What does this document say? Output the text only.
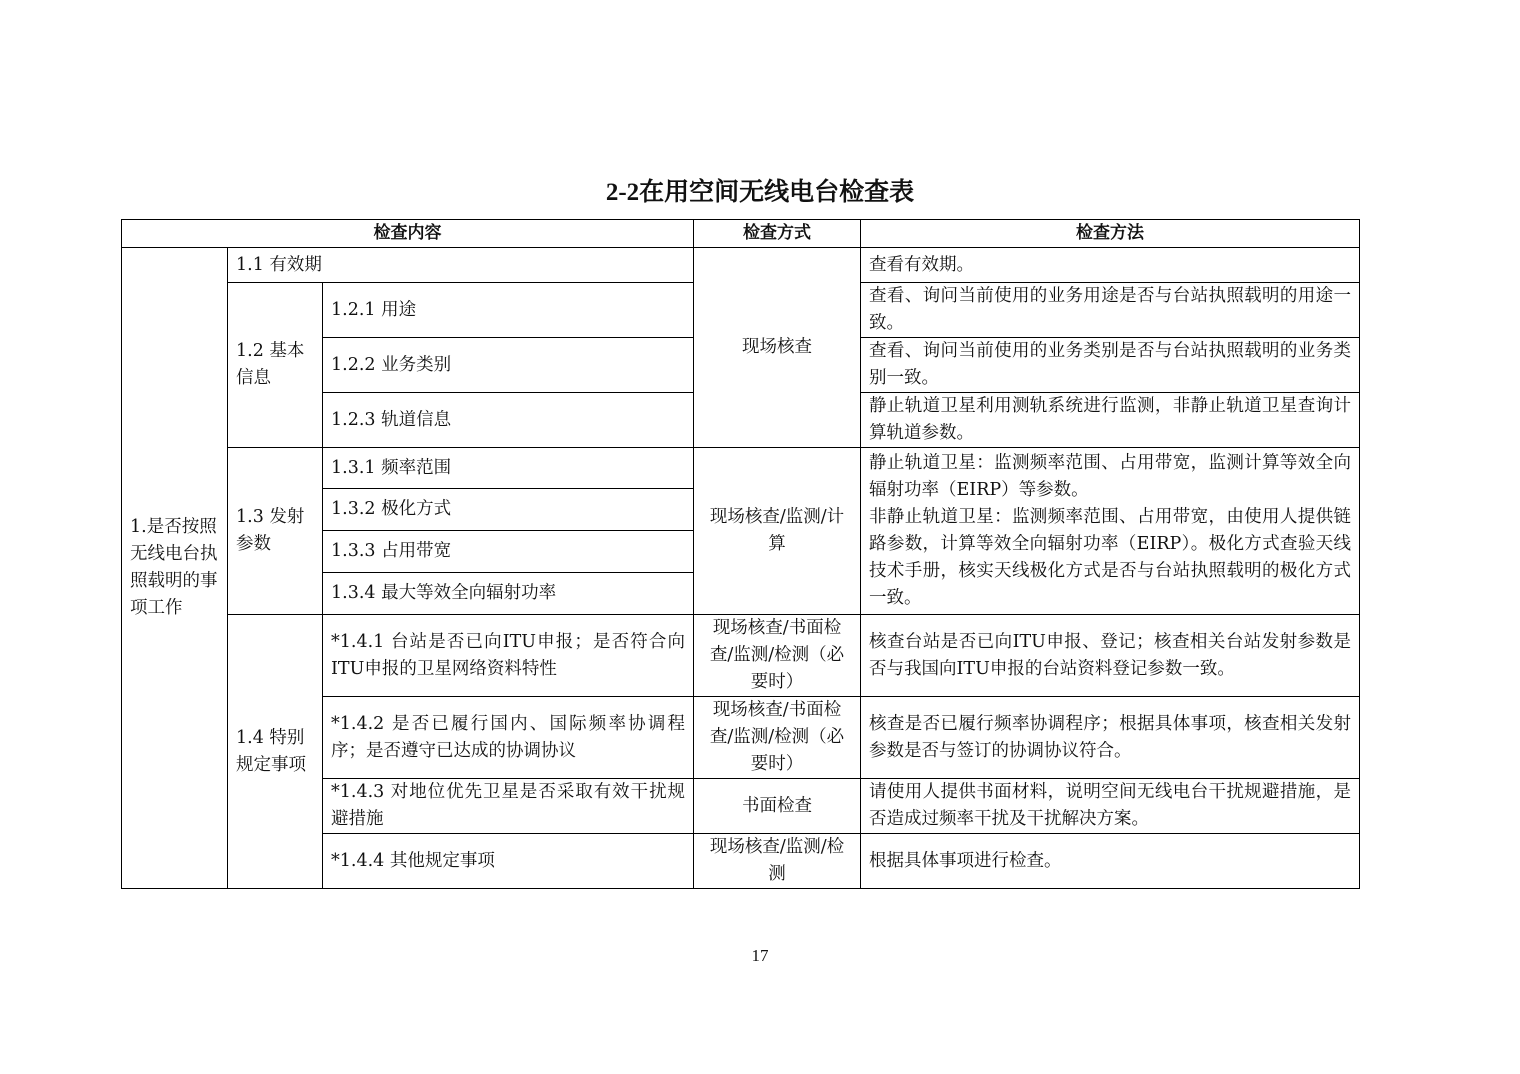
2-2在用空间无线电台检查表
检查内容			检查方式	检查方法
1.是否按照无线电台执照载明的事项工作	1.1 有效期		现场核查	查看有效期。
	1.2 基本信息	1.2.1 用途		查看、询问当前使用的业务用途是否与台站执照载明的用途一致。
		1.2.2 业务类别		查看、询问当前使用的业务类别是否与台站执照载明的业务类别一致。
		1.2.3 轨道信息		静止轨道卫星利用测轨系统进行监测，非静止轨道卫星查询计算轨道参数。
	1.3 发射参数	1.3.1 频率范围	现场核查/监测/计算	静止轨道卫星：监测频率范围、占用带宽，监测计算等效全向辐射功率（EIRP）等参数。
非静止轨道卫星：监测频率范围、占用带宽，由使用人提供链路参数，计算等效全向辐射功率（EIRP）。极化方式查验天线技术手册，核实天线极化方式是否与台站执照载明的极化方式一致。

		1.3.2 极化方式		
		1.3.3 占用带宽		
		1.3.4 最大等效全向辐射功率		
	1.4 特别规定事项	*1.4.1 台站是否已向ITU申报；是否符合向ITU申报的卫星网络资料特性	现场核查/书面检查/监测/检测（必要时）	核查台站是否已向ITU申报、登记；核查相关台站发射参数是否与我国向ITU申报的台站资料登记参数一致。
		*1.4.2 是否已履行国内、国际频率协调程序；是否遵守已达成的协调协议	现场核查/书面检查/监测/检测（必要时）	核查是否已履行频率协调程序；根据具体事项，核查相关发射参数是否与签订的协调协议符合。
		*1.4.3 对地位优先卫星是否采取有效干扰规避措施	书面检查	请使用人提供书面材料，说明空间无线电台干扰规避措施，是否造成过频率干扰及干扰解决方案。
		*1.4.4 其他规定事项	现场核查/监测/检测	根据具体事项进行检查。
17
